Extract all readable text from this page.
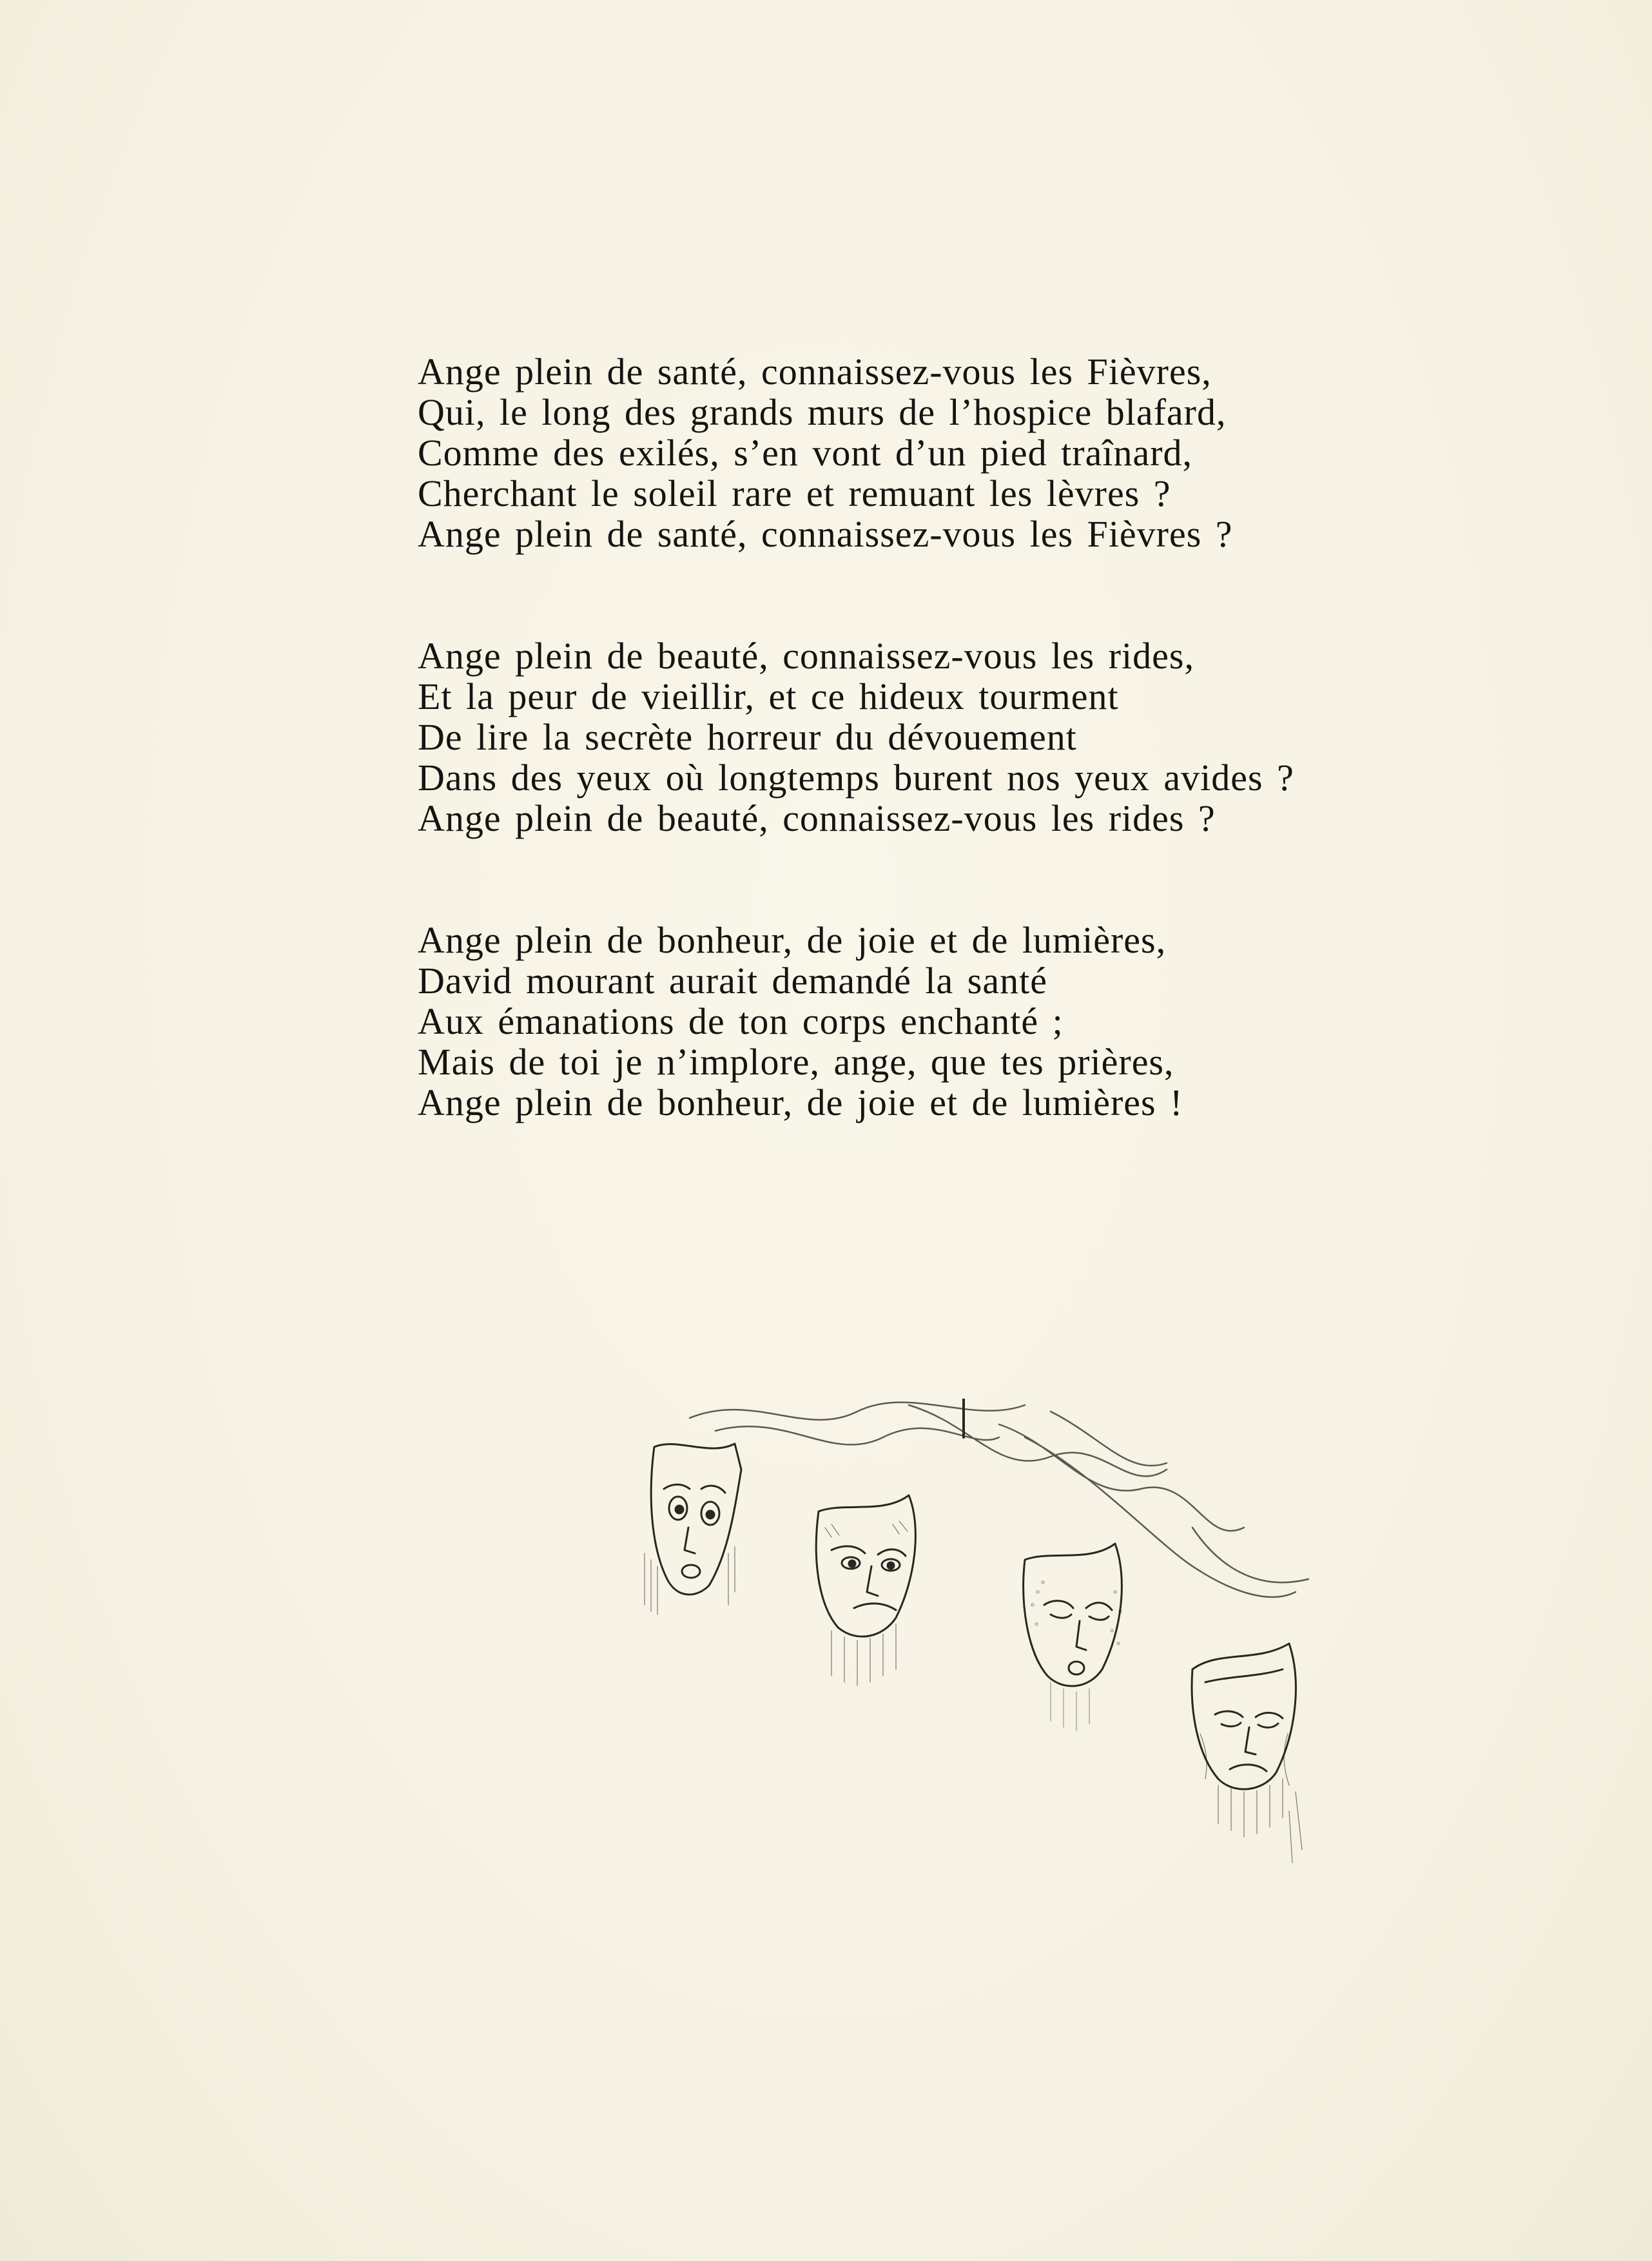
Ange plein de santé, connaissez-vous les Fièvres,
Qui, le long des grands murs de l’hospice blafard,
Comme des exilés, s’en vont d’un pied traînard,
Cherchant le soleil rare et remuant les lèvres ?
Ange plein de santé, connaissez-vous les Fièvres ?
Ange plein de beauté, connaissez-vous les rides,
Et la peur de vieillir, et ce hideux tourment
De lire la secrète horreur du dévouement
Dans des yeux où longtemps burent nos yeux avides ?
Ange plein de beauté, connaissez-vous les rides ?
Ange plein de bonheur, de joie et de lumières,
David mourant aurait demandé la santé
Aux émanations de ton corps enchanté ;
Mais de toi je n’implore, ange, que tes prières,
Ange plein de bonheur, de joie et de lumières !
